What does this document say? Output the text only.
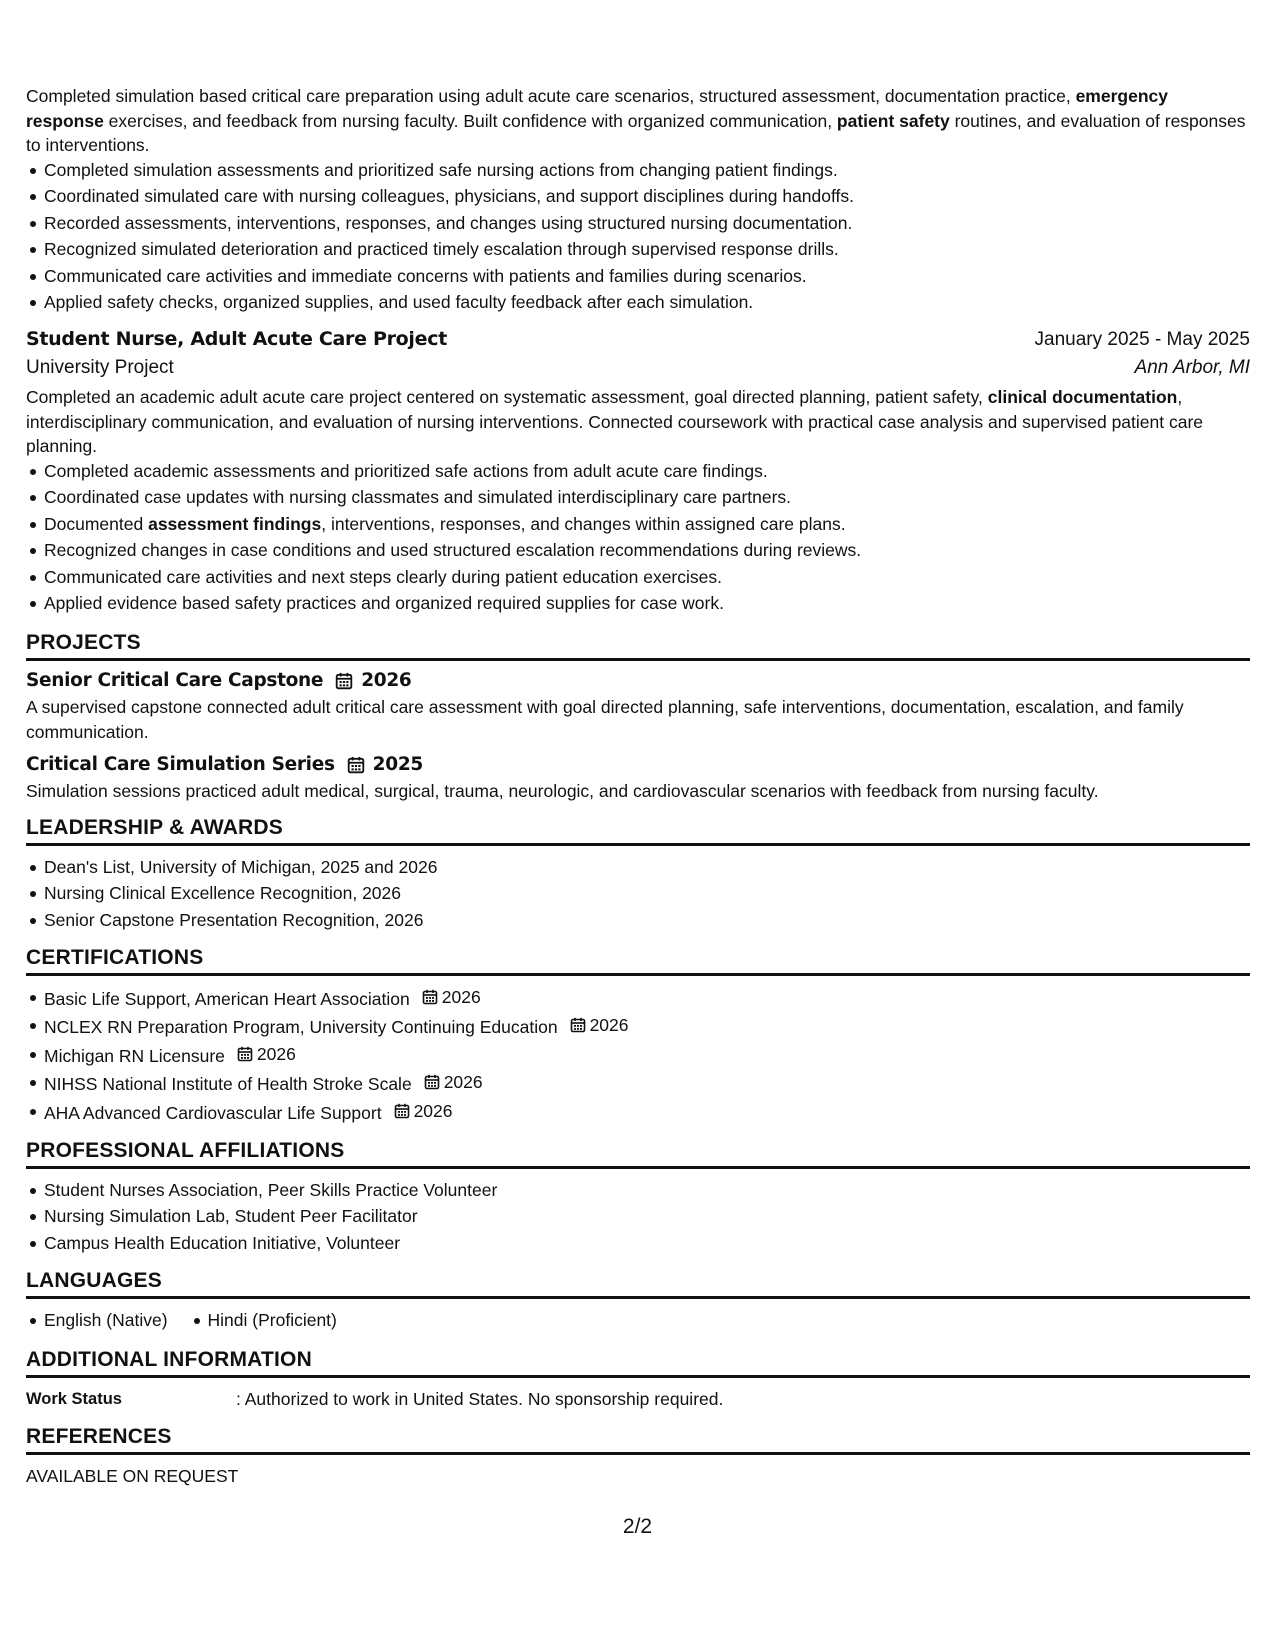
Completed simulation based critical care preparation using adult acute care scenarios, structured assessment, documentation practice, emergency response exercises, and feedback from nursing faculty. Built confidence with organized communication, patient safety routines, and evaluation of responses to interventions.

Completed simulation assessments and prioritized safe nursing actions from changing patient findings.
Coordinated simulated care with nursing colleagues, physicians, and support disciplines during handoffs.
Recorded assessments, interventions, responses, and changes using structured nursing documentation.
Recognized simulated deterioration and practiced timely escalation through supervised response drills.
Communicated care activities and immediate concerns with patients and families during scenarios.
Applied safety checks, organized supplies, and used faculty feedback after each simulation.
Student Nurse, Adult Acute Care Project	January 2025 - May 2025
University Project	Ann Arbor, MI

Completed an academic adult acute care project centered on systematic assessment, goal directed planning, patient safety, clinical documentation, interdisciplinary communication, and evaluation of nursing interventions. Connected coursework with practical case analysis and supervised patient care planning.

Completed academic assessments and prioritized safe actions from adult acute care findings.
Coordinated case updates with nursing classmates and simulated interdisciplinary care partners.
Documented assessment findings, interventions, responses, and changes within assigned care plans.
Recognized changes in case conditions and used structured escalation recommendations during reviews.
Communicated care activities and next steps clearly during patient education exercises.
Applied evidence based safety practices and organized required supplies for case work.
PROJECTS
Senior Critical Care Capstone 2026

A supervised capstone connected adult critical care assessment with goal directed planning, safe interventions, documentation, escalation, and family communication.

Critical Care Simulation Series 2025

Simulation sessions practiced adult medical, surgical, trauma, neurologic, and cardiovascular scenarios with feedback from nursing faculty.

LEADERSHIP & AWARDS
Dean's List, University of Michigan, 2025 and 2026
Nursing Clinical Excellence Recognition, 2026
Senior Capstone Presentation Recognition, 2026
CERTIFICATIONS
Basic Life Support, American Heart Association 2026
NCLEX RN Preparation Program, University Continuing Education 2026
Michigan RN Licensure 2026
NIHSS National Institute of Health Stroke Scale 2026
AHA Advanced Cardiovascular Life Support 2026
PROFESSIONAL AFFILIATIONS
Student Nurses Association, Peer Skills Practice Volunteer
Nursing Simulation Lab, Student Peer Facilitator
Campus Health Education Initiative, Volunteer
LANGUAGES
English (Native)	Hindi (Proficient)
ADDITIONAL INFORMATION
Work Status	: Authorized to work in United States. No sponsorship required.
REFERENCES
AVAILABLE ON REQUEST
2/2
